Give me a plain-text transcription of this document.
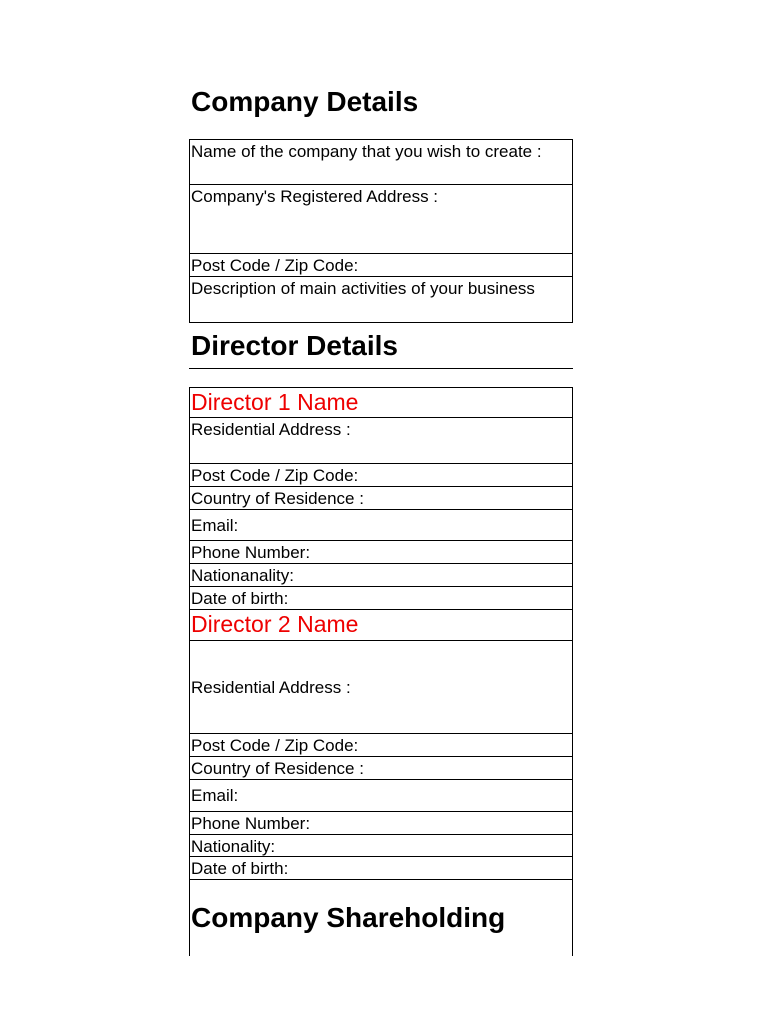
Company Details
Name of the company that you wish to create :
Company's Registered Address :
Post Code / Zip Code:
Description of main activities of your business
Director Details
Director 1 Name
Residential Address :
Post Code / Zip Code:
Country of Residence :
Email:
Phone Number:
Nationanality:
Date of birth:
Director 2 Name
Residential Address :
Post Code / Zip Code:
Country of Residence :
Email:
Phone Number:
Nationality:
Date of birth:
Company Shareholding
